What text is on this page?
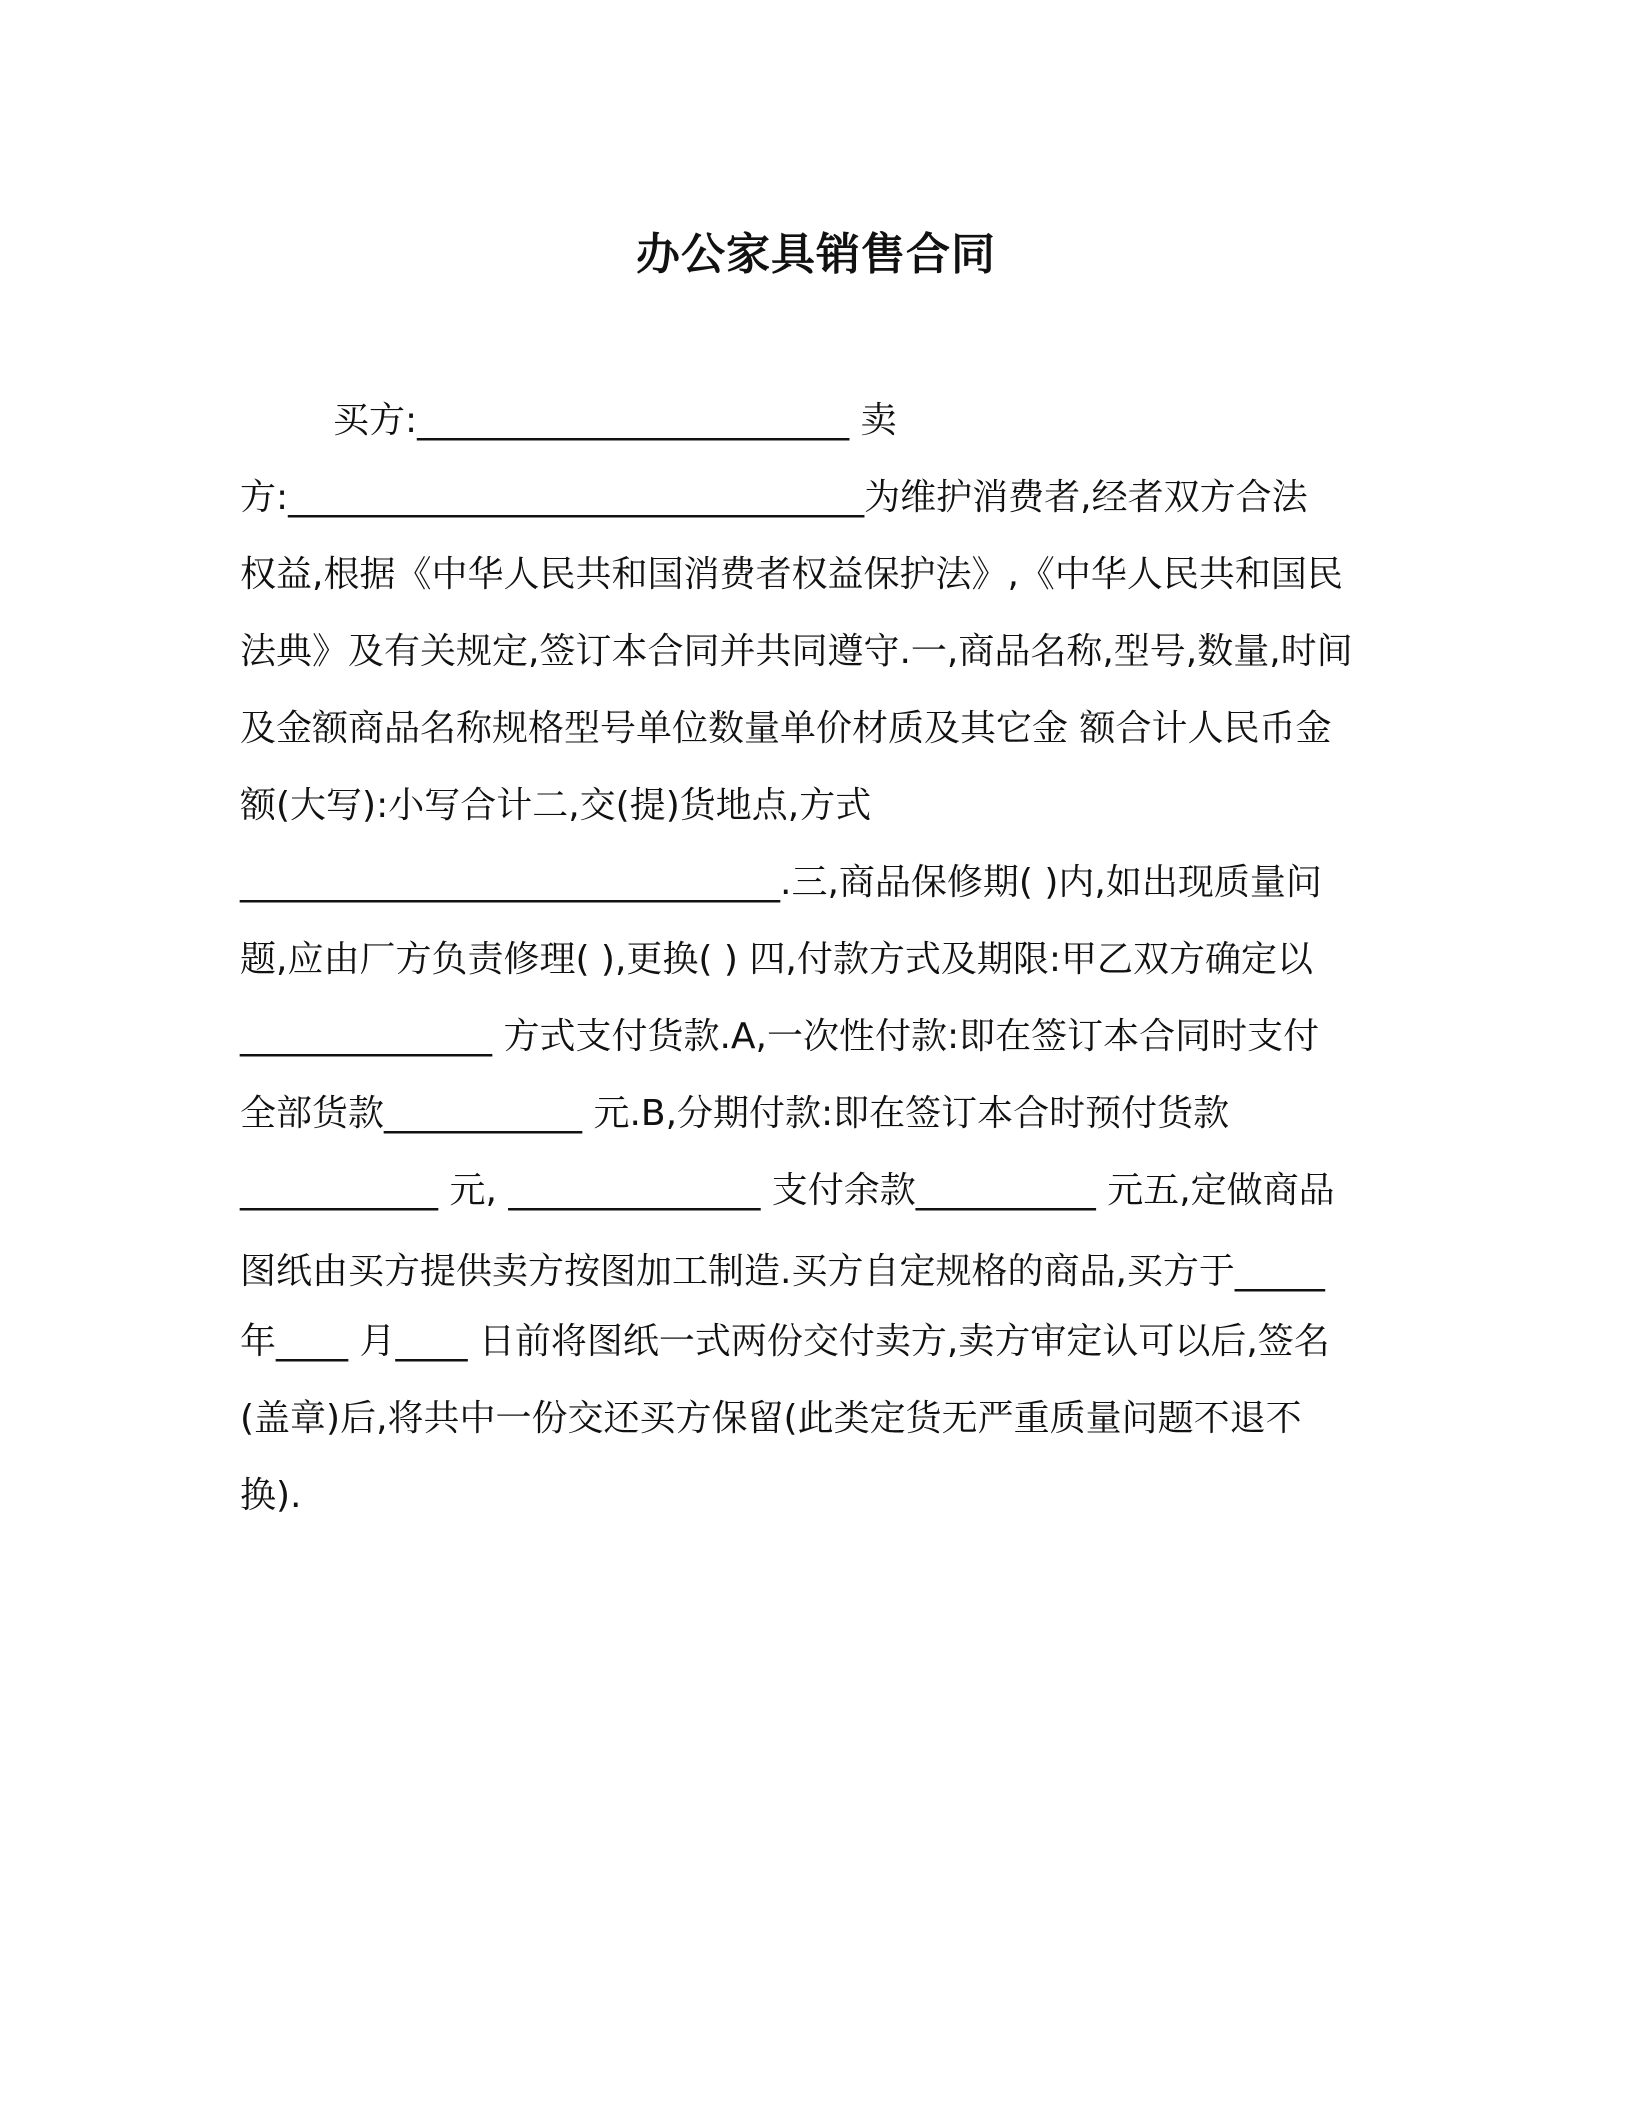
办公家具销售合同
买方:________________________ 卖
方:________________________________为维护消费者,经者双方合法
权益,根据《中华人民共和国消费者权益保护法》,《中华人民共和国民
法典》及有关规定,签订本合同并共同遵守.一,商品名称,型号,数量,时间
及金额商品名称规格型号单位数量单价材质及其它金 额合计人民币金
额(大写):小写合计二,交(提)货地点,方式
______________________________.三,商品保修期( )内,如出现质量问
题,应由厂方负责修理( ),更换( ) 四,付款方式及期限:甲乙双方确定以
______________ 方式支付货款.A,一次性付款:即在签订本合同时支付
全部货款___________ 元.B,分期付款:即在签订本合时预付货款
___________ 元, ______________ 支付余款__________ 元五,定做商品
图纸由买方提供卖方按图加工制造.买方自定规格的商品,买方于_____
年____ 月____ 日前将图纸一式两份交付卖方,卖方审定认可以后,签名
(盖章)后,将共中一份交还买方保留(此类定货无严重质量问题不退不
换).
